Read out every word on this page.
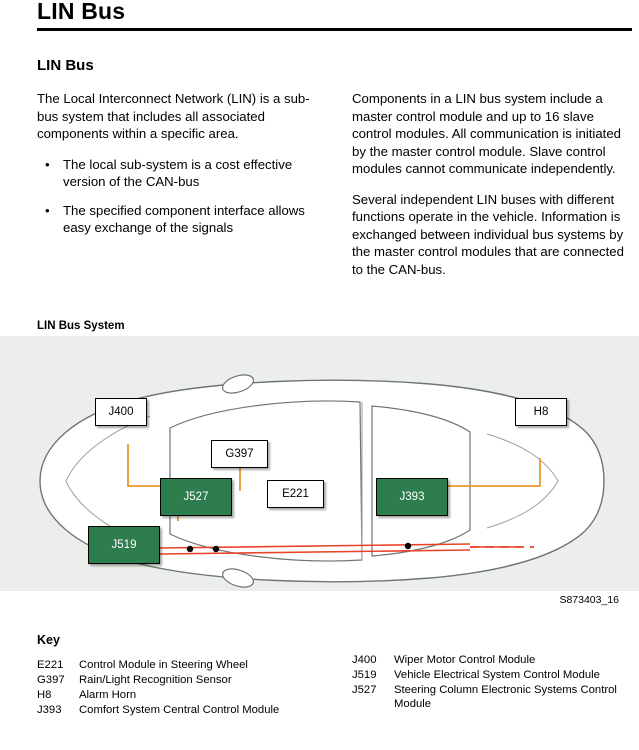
LIN Bus
LIN Bus

The Local Interconnect Network (LIN) is a sub-bus system that includes all associated components within a specific area.

• The local sub-system is a cost effective version of the CAN-bus
• The specified component interface allows easy exchange of the signals

Components in a LIN bus system include a master control module and up to 16 slave control modules. All communication is initiated by the master control module. Slave control modules cannot communicate independently.

Several independent LIN buses with different functions operate in the vehicle. Information is exchanged between individual bus systems by the master control modules that are connected to the CAN-bus.

LIN Bus System
J400
G397
E221
H8
J527	J393
J519
S873403_16
Key
E221	Control Module in Steering Wheel
G397	Rain/Light Recognition Sensor
H8	Alarm Horn
J393	Comfort System Central Control Module
J400	Wiper Motor Control Module
J519	Vehicle Electrical System Control Module
J527	Steering Column Electronic Systems Control Module
